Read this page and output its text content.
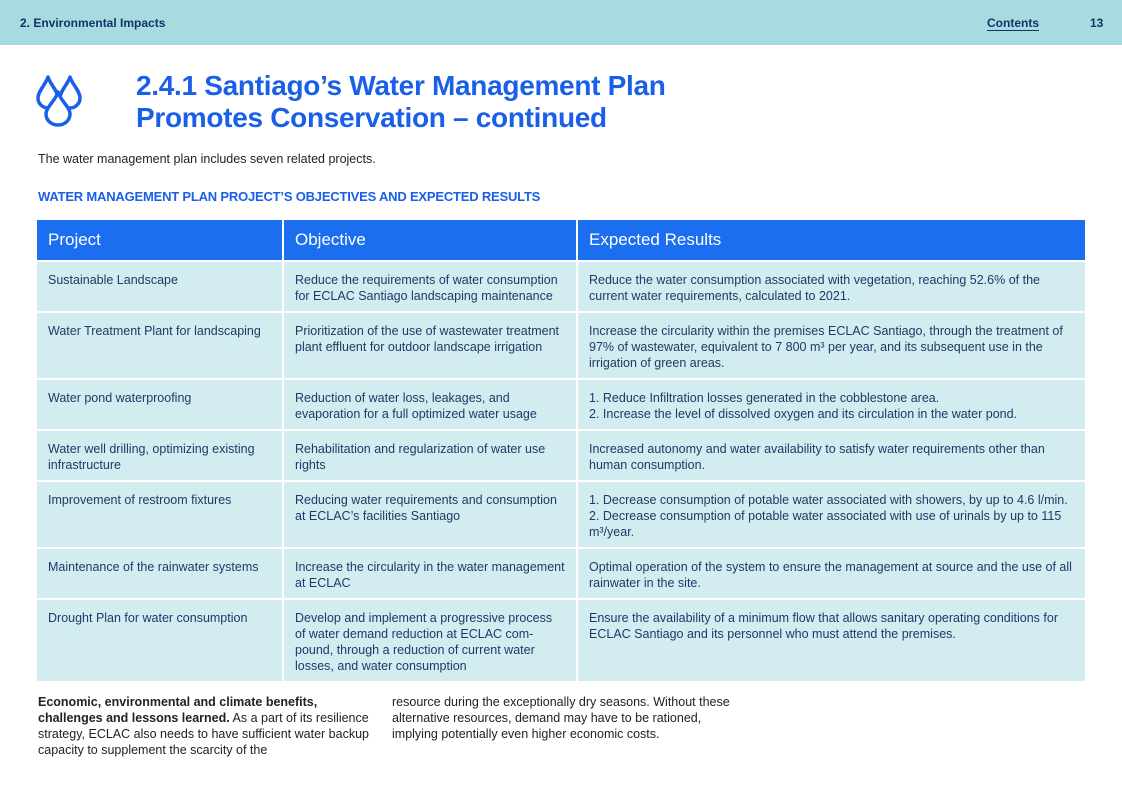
2. Environmental Impacts	Contents	13
2.4.1 Santiago’s Water Management Plan
Promotes Conservation – continued
The water management plan includes seven related projects.
WATER MANAGEMENT PLAN PROJECT’S OBJECTIVES AND EXPECTED RESULTS
Project	Objective	Expected Results
Sustainable Landscape	Reduce the requirements of water consumption for ECLAC Santiago landscaping maintenance	Reduce the water consumption associated with vegetation, reaching 52.6% of the current water requirements, calculated to 2021.

Water Treatment Plant for landscaping	Prioritization of the use of wastewater treatment plant effluent for outdoor landscape irrigation	Increase the circularity within the premises ECLAC Santiago, through the treatment of 97% of wastewater, equivalent to 7 800 m³ per year, and its subsequent use in the irrigation of green areas.

Water pond waterproofing	Reduction of water loss, leakages, and evaporation for a full optimized water usage	1. Reduce Infiltration losses generated in the cobblestone area.
2. Increase the level of dissolved oxygen and its circulation in the water pond.

Water well drilling, optimizing existing infrastructure	Rehabilitation and regularization of water use rights	Increased autonomy and water availability to satisfy water requirements other than human consumption.

Improvement of restroom fixtures	Reducing water requirements and consumption at ECLAC’s facilities Santiago	1. Decrease consumption of potable water associated with showers, by up to 4.6 l/min.
2. Decrease consumption of potable water associated with use of urinals by up to 115 m³/year.

Maintenance of the rainwater systems	Increase the circularity in the water management at ECLAC	Optimal operation of the system to ensure the management at source and the use of all rainwater in the site.

Drought Plan for water consumption	Develop and implement a progressive process of water demand reduction at ECLAC compound, through a reduction of current water losses, and water consumption	Ensure the availability of a minimum flow that allows sanitary operating conditions for ECLAC Santiago and its personnel who must attend the premises.
Economic, environmental and climate benefits, challenges and lessons learned. As a part of its resilience strategy, ECLAC also needs to have sufficient water backup capacity to supplement the scarcity of the
resource during the exceptionally dry seasons. Without these alternative resources, demand may have to be rationed, implying potentially even higher economic costs.
